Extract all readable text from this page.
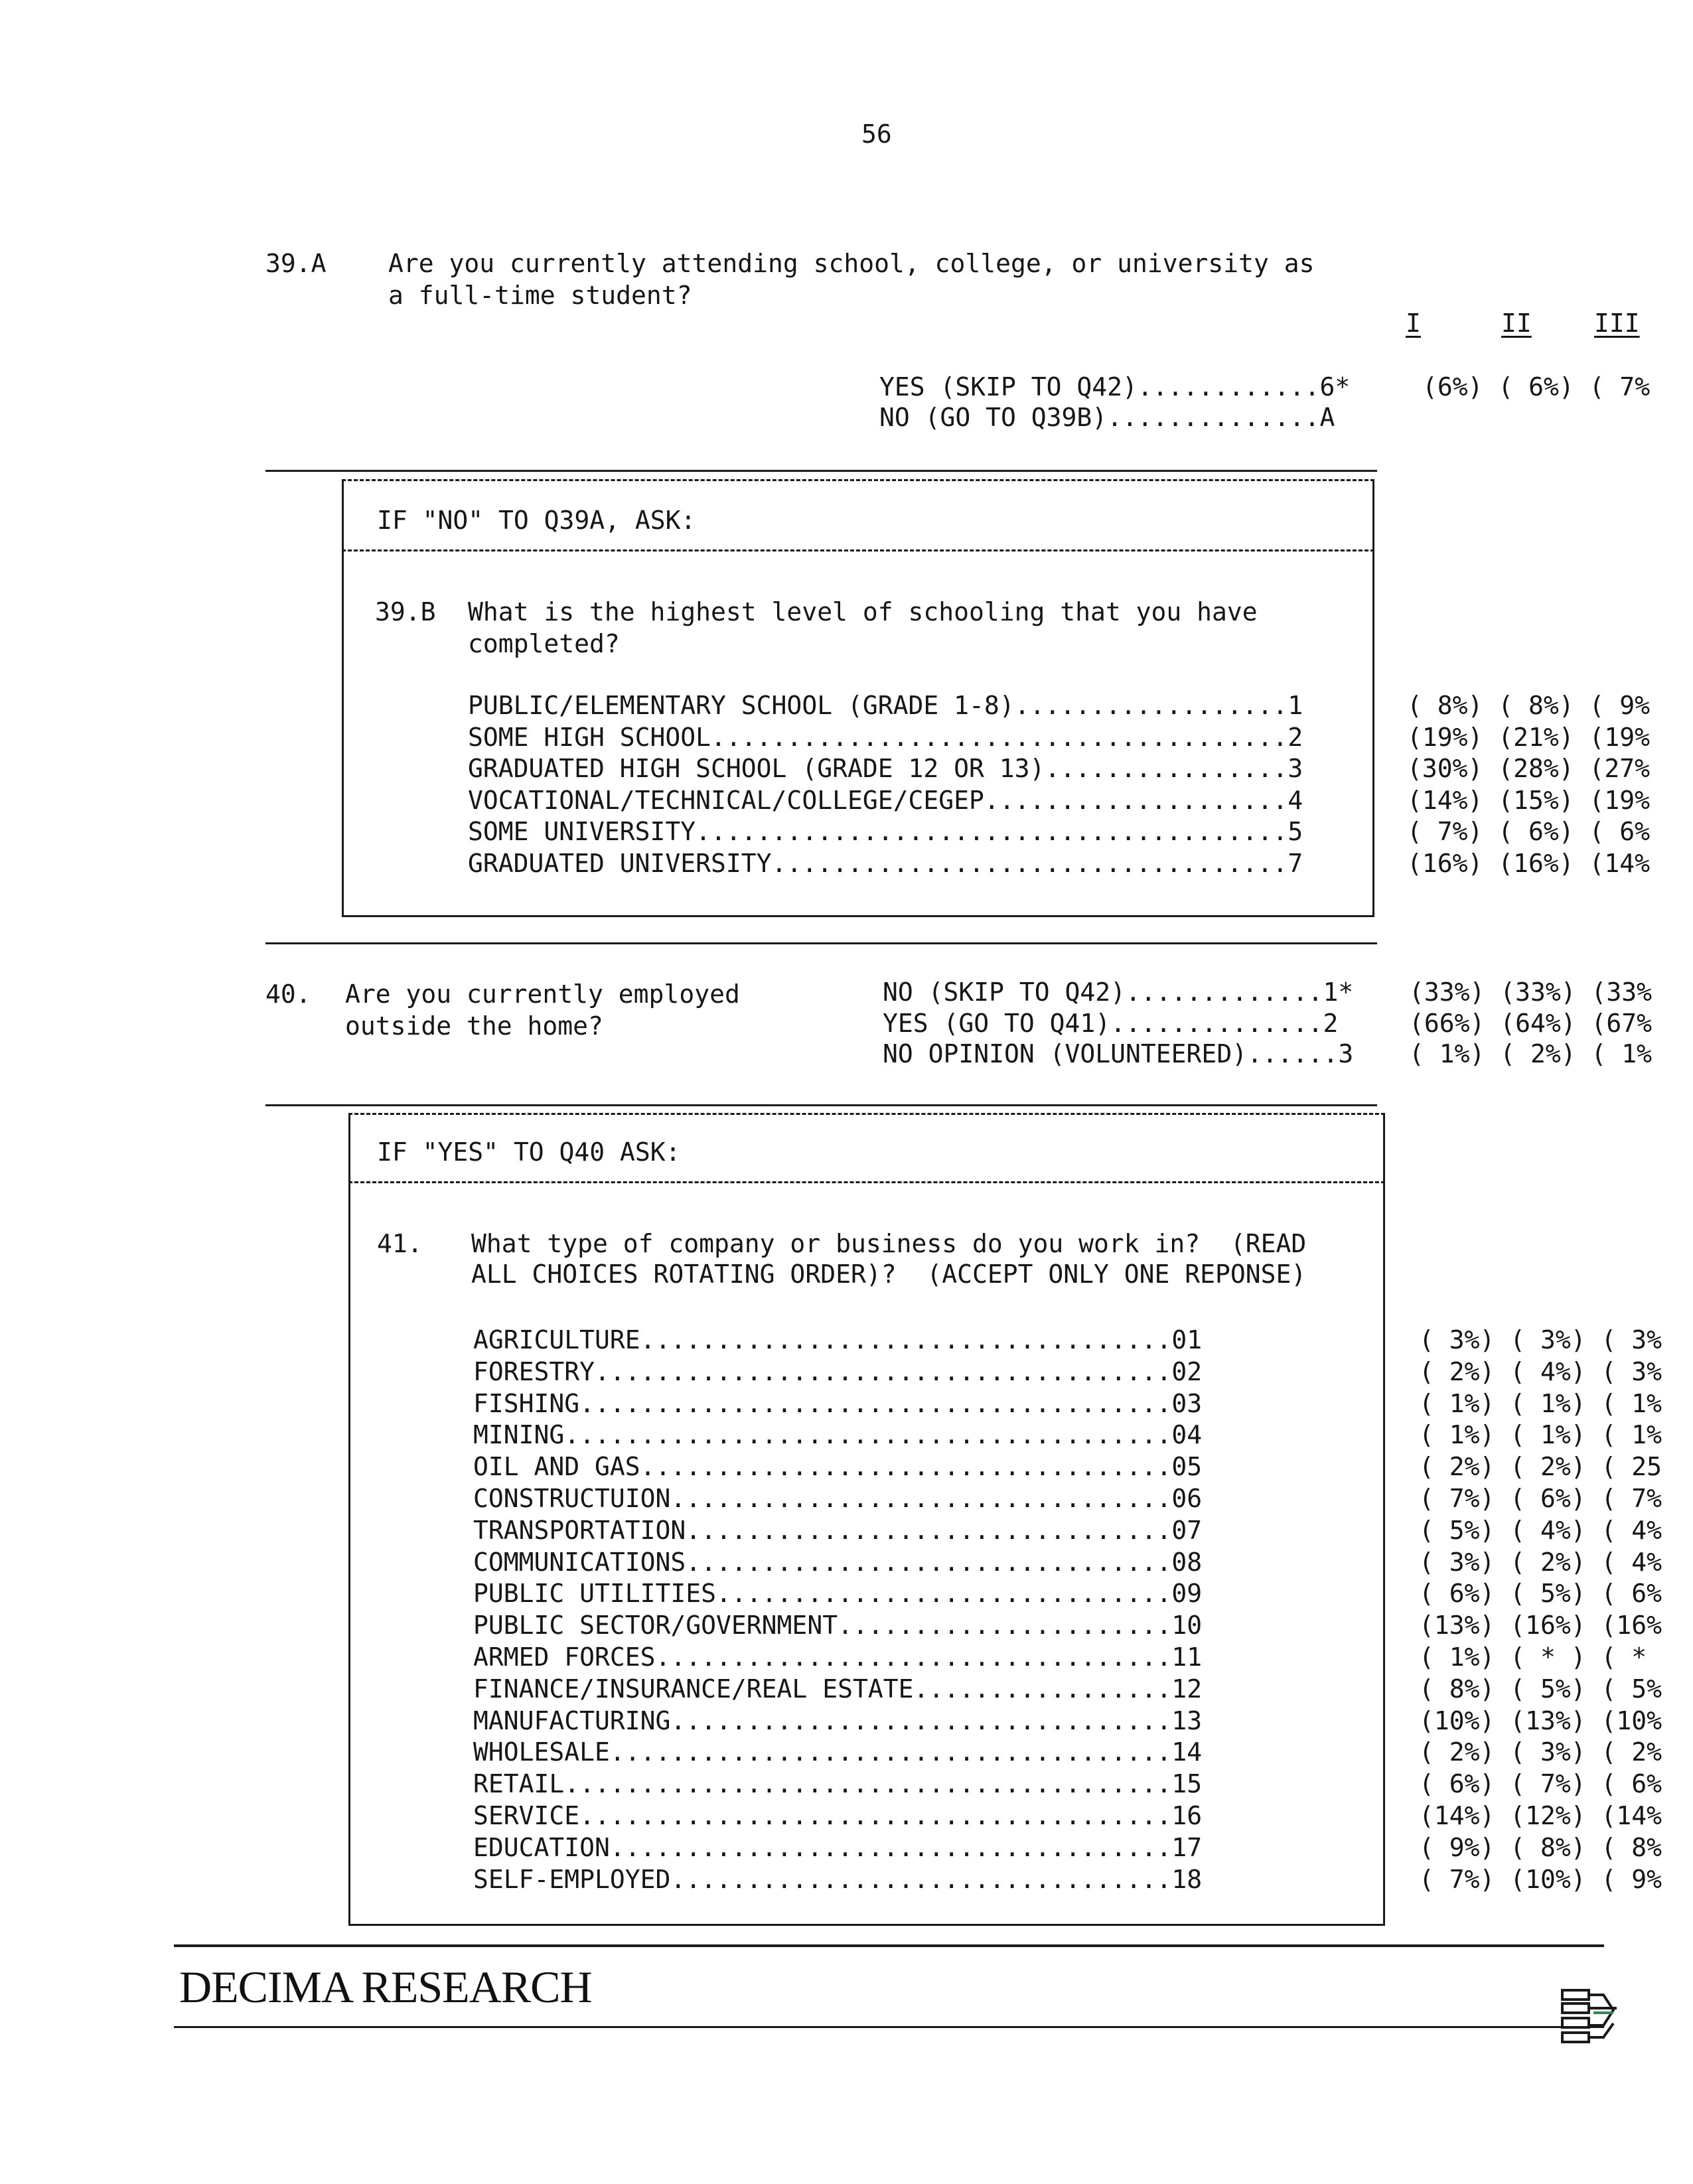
56
39.A Are you currently attending school, college, or university as
a full-time student?
I	II III
YES (SKIP TO Q42)............6*	(6%) ( 6%) ( 7%
NO (GO TO Q39B)..............A
IF "NO" TO Q39A, ASK:
39.B What is the highest level of schooling that you have
completed?
PUBLIC/ELEMENTARY SCHOOL (GRADE 1-8)..................1	( 8%) ( 8%) ( 9%
SOME HIGH SCHOOL......................................2	(19%) (21%) (19%
GRADUATED HIGH SCHOOL (GRADE 12 OR 13)................3	(30%) (28%) (27%
VOCATIONAL/TECHNICAL/COLLEGE/CEGEP....................4	(14%) (15%) (19%
SOME UNIVERSITY.......................................5	( 7%) ( 6%) ( 6%
GRADUATED UNIVERSITY..................................7	(16%) (16%) (14%
40. Are you currently employed
outside the home?
NO (SKIP TO Q42).............1* (33%) (33%) (33%
YES (GO TO Q41)..............2	(66%) (64%) (67%
NO OPINION (VOLUNTEERED)......3 ( 1%) ( 2%) ( 1%
IF "YES" TO Q40 ASK:
41. What type of company or business do you work in?  (READ
ALL CHOICES ROTATING ORDER)?  (ACCEPT ONLY ONE REPONSE)
AGRICULTURE...................................01	( 3%) ( 3%) ( 3%
FORESTRY......................................02	( 2%) ( 4%) ( 3%
FISHING.......................................03	( 1%) ( 1%) ( 1%
MINING........................................04	( 1%) ( 1%) ( 1%
OIL AND GAS...................................05	( 2%) ( 2%) ( 25
CONSTRUCTUION.................................06	( 7%) ( 6%) ( 7%
TRANSPORTATION................................07	( 5%) ( 4%) ( 4%
COMMUNICATIONS................................08	( 3%) ( 2%) ( 4%
PUBLIC UTILITIES..............................09	( 6%) ( 5%) ( 6%
PUBLIC SECTOR/GOVERNMENT......................10	(13%) (16%) (16%
ARMED FORCES..................................11	( 1%) ( * ) ( *
FINANCE/INSURANCE/REAL ESTATE.................12	( 8%) ( 5%) ( 5%
MANUFACTURING.................................13	(10%) (13%) (10%
WHOLESALE.....................................14	( 2%) ( 3%) ( 2%
RETAIL........................................15	( 6%) ( 7%) ( 6%
SERVICE.......................................16	(14%) (12%) (14%
EDUCATION.....................................17	( 9%) ( 8%) ( 8%
SELF-EMPLOYED.................................18	( 7%) (10%) ( 9%
DECIMA RESEARCH
